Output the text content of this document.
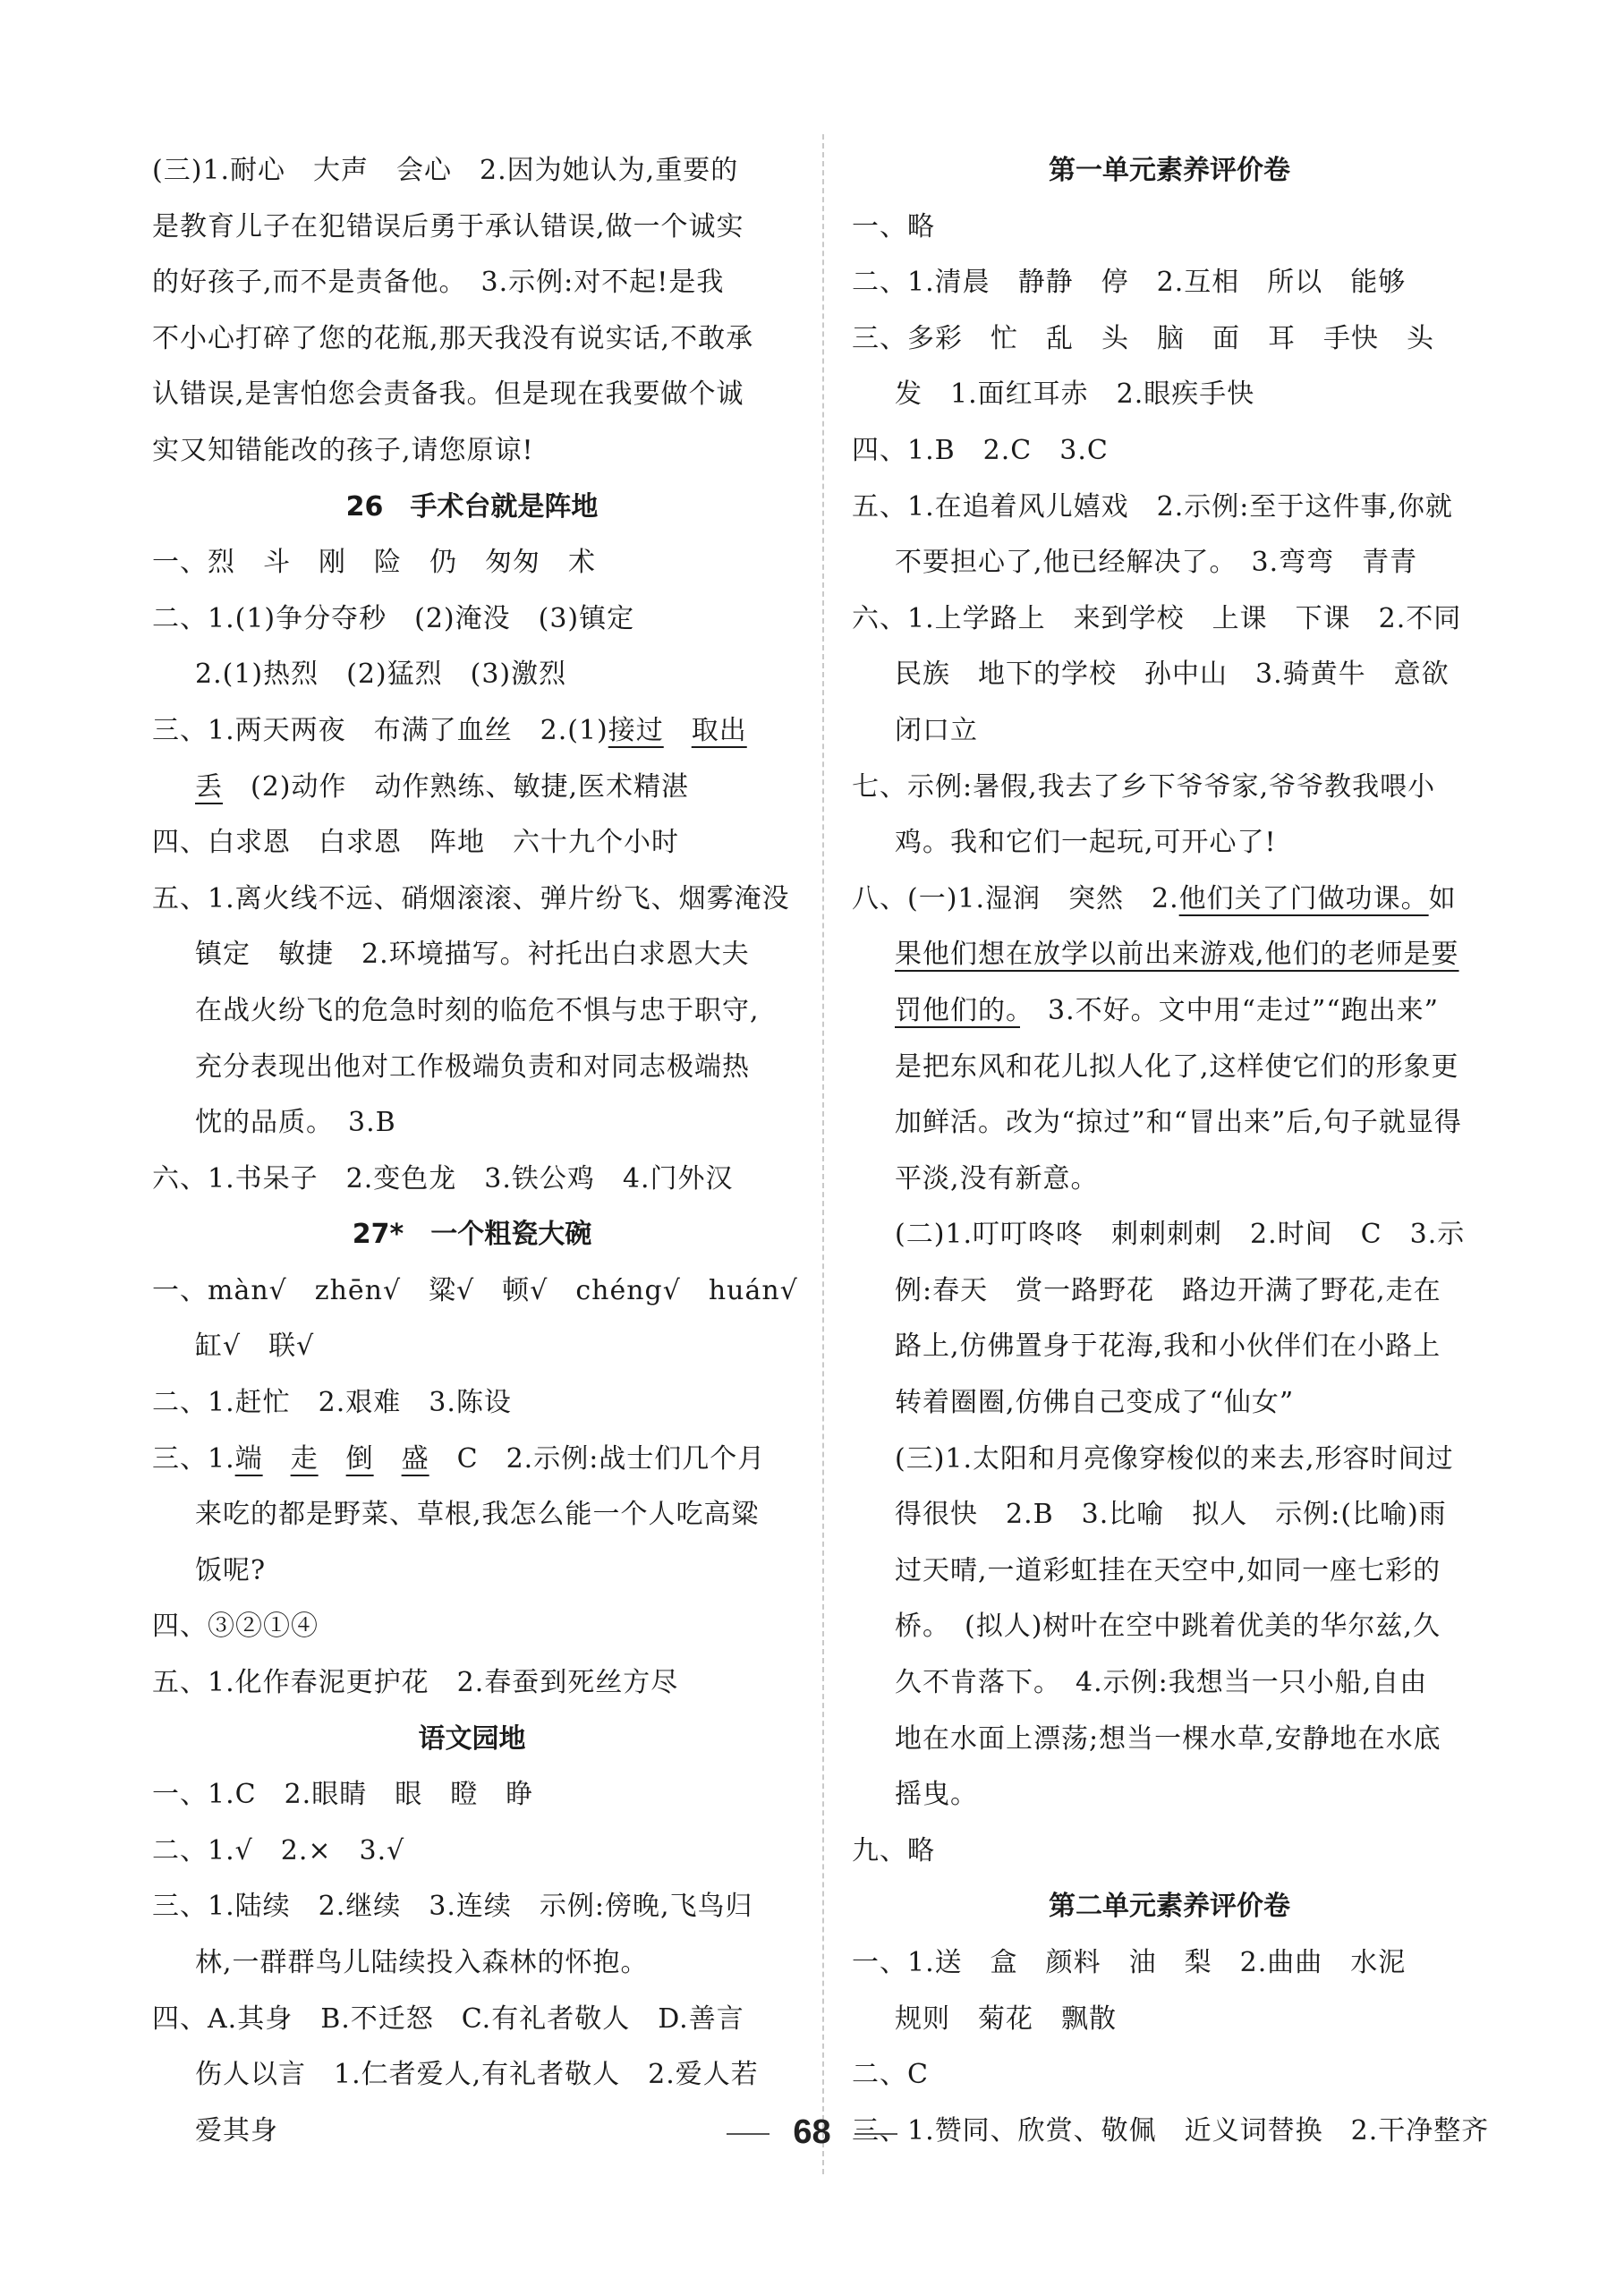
(三)1.耐心　大声　会心　2.因为她认为,重要的
是教育儿子在犯错误后勇于承认错误,做一个诚实
的好孩子,而不是责备他。　3.示例:对不起!是我
不小心打碎了您的花瓶,那天我没有说实话,不敢承
认错误,是害怕您会责备我。但是现在我要做个诚
实又知错能改的孩子,请您原谅!
26　手术台就是阵地
一、烈　斗　刚　险　仍　匆匆　术
二、1.(1)争分夺秒　(2)淹没　(3)镇定
2.(1)热烈　(2)猛烈　(3)激烈
三、1.两天两夜　布满了血丝　2.(1)接过　 取出
丢　(2)动作　动作熟练、敏捷,医术精湛
四、白求恩　白求恩　阵地　六十九个小时
五、1.离火线不远、硝烟滚滚、弹片纷飞、烟雾淹没
镇定　敏捷　2.环境描写。衬托出白求恩大夫
在战火纷飞的危急时刻的临危不惧与忠于职守,
充分表现出他对工作极端负责和对同志极端热
忱的品质。　3.B
六、1.书呆子　2.变色龙　3.铁公鸡　4.门外汉
27*　一个粗瓷大碗
一、màn√　zhēn√　粱√　顿√　chéng√　huán√
缸√　联√
二、1.赶忙　2.艰难　3.陈设
三、1.端　 走　 倒　 盛　C　2.示例:战士们几个月
来吃的都是野菜、草根,我怎么能一个人吃高粱
饭呢?
四、③②①④
五、1.化作春泥更护花　2.春蚕到死丝方尽
语文园地
一、1.C　2.眼睛　眼　瞪　睁
二、1.√　2.×　3.√
三、1.陆续　2.继续　3.连续　示例:傍晚,飞鸟归
林,一群群鸟儿陆续投入森林的怀抱。
四、A.其身　B.不迁怒　C.有礼者敬人　D.善言
伤人以言　1.仁者爱人,有礼者敬人　2.爱人若
爱其身
第一单元素养评价卷
一、略
二、1.清晨　静静　停　2.互相　所以　能够
三、多彩　忙　乱　头　脑　面　耳　手快　头
发　1.面红耳赤　2.眼疾手快
四、1.B　2.C　3.C
五、1.在追着风儿嬉戏　2.示例:至于这件事,你就
不要担心了,他已经解决了。　3.弯弯　青青
六、1.上学路上　来到学校　上课　下课　2.不同
民族　地下的学校　孙中山　3.骑黄牛　意欲
闭口立
七、示例:暑假,我去了乡下爷爷家,爷爷教我喂小
鸡。我和它们一起玩,可开心了!
八、(一)1.湿润　突然　2.他们关了门做功课。如
果他们想在放学以前出来游戏,他们的老师是要
罚他们的。　3.不好。文中用“走过”“跑出来”
是把东风和花儿拟人化了,这样使它们的形象更
加鲜活。改为“掠过”和“冒出来”后,句子就显得
平淡,没有新意。
(二)1.叮叮咚咚　刺刺刺刺　2.时间　C　3.示
例:春天　赏一路野花　路边开满了野花,走在
路上,仿佛置身于花海,我和小伙伴们在小路上
转着圈圈,仿佛自己变成了“仙女”
(三)1.太阳和月亮像穿梭似的来去,形容时间过
得很快　2.B　3.比喻　拟人　示例:(比喻)雨
过天晴,一道彩虹挂在天空中,如同一座七彩的
桥。　(拟人)树叶在空中跳着优美的华尔兹,久
久不肯落下。　4.示例:我想当一只小船,自由
地在水面上漂荡;想当一棵水草,安静地在水底
摇曳。
九、略
第二单元素养评价卷
一、1.送　盒　颜料　油　梨　2.曲曲　水泥
规则　菊花　飘散
二、C
三、1.赞同、欣赏、敬佩　近义词替换　2.干净整齐
68
